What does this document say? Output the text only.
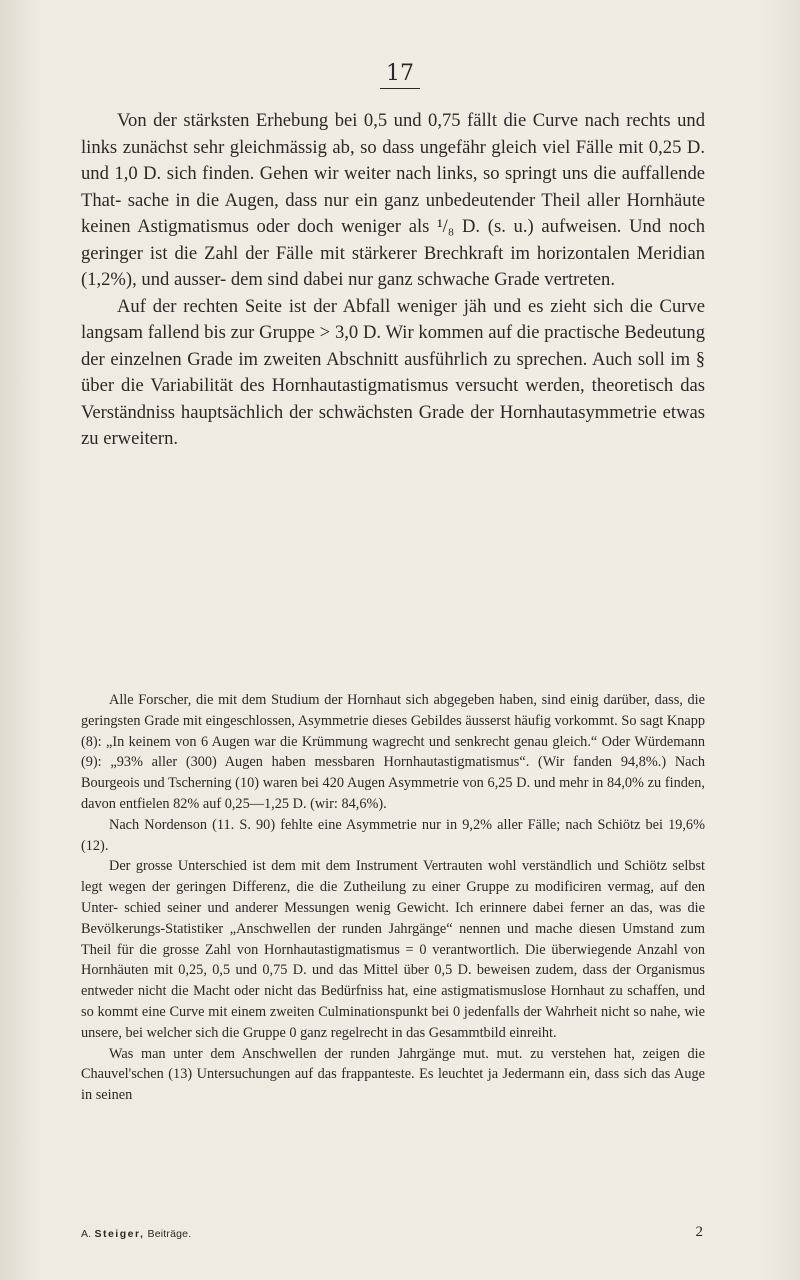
17

Von der stärksten Erhebung bei 0,5 und 0,75 fällt die Curve nach rechts und links zunächst sehr gleichmässig ab, so dass ungefähr gleich viel Fälle mit 0,25 D. und 1,0 D. sich finden. Gehen wir weiter nach links, so springt uns die auffallende That- sache in die Augen, dass nur ein ganz unbedeutender Theil aller Hornhäute keinen Astigmatismus oder doch weniger als ¹/₈ D. (s. u.) aufweisen. Und noch geringer ist die Zahl der Fälle mit stärkerer Brechkraft im horizontalen Meridian (1,2%), und ausser- dem sind dabei nur ganz schwache Grade vertreten.

Auf der rechten Seite ist der Abfall weniger jäh und es zieht sich die Curve langsam fallend bis zur Gruppe > 3,0 D. Wir kommen auf die practische Bedeutung der einzelnen Grade im zweiten Abschnitt ausführlich zu sprechen. Auch soll im § über die Variabilität des Hornhautastigmatismus versucht werden, theoretisch das Verständniss hauptsächlich der schwächsten Grade der Hornhautasymmetrie etwas zu erweitern.

Alle Forscher, die mit dem Studium der Hornhaut sich abgegeben haben, sind einig darüber, dass, die geringsten Grade mit eingeschlossen, Asymmetrie dieses Gebildes äusserst häufig vorkommt. So sagt Knapp (8): „In keinem von 6 Augen war die Krümmung wagrecht und senkrecht genau gleich.“ Oder Würdemann (9): „93% aller (300) Augen haben messbaren Hornhautastigmatismus“. (Wir fanden 94,8%.) Nach Bourgeois und Tscherning (10) waren bei 420 Augen Asymmetrie von 6,25 D. und mehr in 84,0% zu finden, davon entfielen 82% auf 0,25—1,25 D. (wir: 84,6%).

Nach Nordenson (11. S. 90) fehlte eine Asymmetrie nur in 9,2% aller Fälle; nach Schiötz bei 19,6% (12).

Der grosse Unterschied ist dem mit dem Instrument Vertrauten wohl verständlich und Schiötz selbst legt wegen der geringen Differenz, die die Zutheilung zu einer Gruppe zu modificiren vermag, auf den Unter- schied seiner und anderer Messungen wenig Gewicht. Ich erinnere dabei ferner an das, was die Bevölkerungs-Statistiker „Anschwellen der runden Jahrgänge“ nennen und mache diesen Umstand zum Theil für die grosse Zahl von Hornhautastigmatismus = 0 verantwortlich. Die überwiegende Anzahl von Hornhäuten mit 0,25, 0,5 und 0,75 D. und das Mittel über 0,5 D. beweisen zudem, dass der Organismus entweder nicht die Macht oder nicht das Bedürfniss hat, eine astigmatismuslose Hornhaut zu schaffen, und so kommt eine Curve mit einem zweiten Culminationspunkt bei 0 jedenfalls der Wahrheit nicht so nahe, wie unsere, bei welcher sich die Gruppe 0 ganz regelrecht in das Gesammtbild einreiht.

Was man unter dem Anschwellen der runden Jahrgänge mut. mut. zu verstehen hat, zeigen die Chauvel'schen (13) Untersuchungen auf das frappanteste. Es leuchtet ja Jedermann ein, dass sich das Auge in seinen

A. Steiger, Beiträge.	2
